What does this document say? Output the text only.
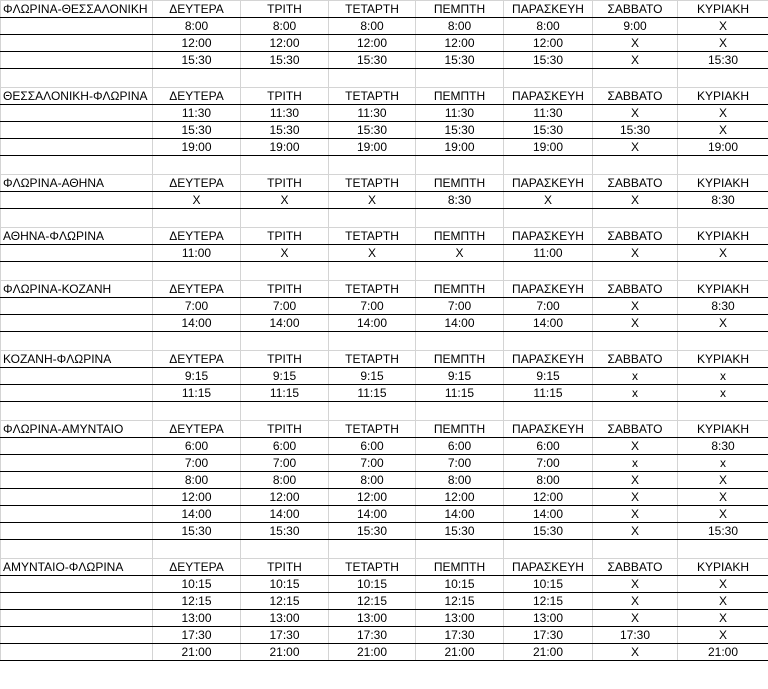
ΦΛΩΡΙΝΑ-ΘΕΣΣΑΛΟΝΙΚΗ	ΔΕΥΤΕΡΑ	ΤΡΙΤΗ	ΤΕΤΑΡΤΗ	ΠΕΜΠΤΗ	ΠΑΡΑΣΚΕΥΗ	ΣΑΒΒΑΤΟ	ΚΥΡΙΑΚΗ
	8:00	8:00	8:00	8:00	8:00	9:00	X
	12:00	12:00	12:00	12:00	12:00	X	X
	15:30	15:30	15:30	15:30	15:30	X	15:30

ΘΕΣΣΑΛΟΝΙΚΗ-ΦΛΩΡΙΝΑ	ΔΕΥΤΕΡΑ	ΤΡΙΤΗ	ΤΕΤΑΡΤΗ	ΠΕΜΠΤΗ	ΠΑΡΑΣΚΕΥΗ	ΣΑΒΒΑΤΟ	ΚΥΡΙΑΚΗ
	11:30	11:30	11:30	11:30	11:30	X	X
	15:30	15:30	15:30	15:30	15:30	15:30	X
	19:00	19:00	19:00	19:00	19:00	X	19:00

ΦΛΩΡΙΝΑ-ΑΘΗΝΑ	ΔΕΥΤΕΡΑ	ΤΡΙΤΗ	ΤΕΤΑΡΤΗ	ΠΕΜΠΤΗ	ΠΑΡΑΣΚΕΥΗ	ΣΑΒΒΑΤΟ	ΚΥΡΙΑΚΗ
	X	X	X	8:30	X	X	8:30

ΑΘΗΝΑ-ΦΛΩΡΙΝΑ	ΔΕΥΤΕΡΑ	ΤΡΙΤΗ	ΤΕΤΑΡΤΗ	ΠΕΜΠΤΗ	ΠΑΡΑΣΚΕΥΗ	ΣΑΒΒΑΤΟ	ΚΥΡΙΑΚΗ
	11:00	X	X	X	11:00	X	X

ΦΛΩΡΙΝΑ-ΚΟΖΑΝΗ	ΔΕΥΤΕΡΑ	ΤΡΙΤΗ	ΤΕΤΑΡΤΗ	ΠΕΜΠΤΗ	ΠΑΡΑΣΚΕΥΗ	ΣΑΒΒΑΤΟ	ΚΥΡΙΑΚΗ
	7:00	7:00	7:00	7:00	7:00	X	8:30
	14:00	14:00	14:00	14:00	14:00	X	X

ΚΟΖΑΝΗ-ΦΛΩΡΙΝΑ	ΔΕΥΤΕΡΑ	ΤΡΙΤΗ	ΤΕΤΑΡΤΗ	ΠΕΜΠΤΗ	ΠΑΡΑΣΚΕΥΗ	ΣΑΒΒΑΤΟ	ΚΥΡΙΑΚΗ
	9:15	9:15	9:15	9:15	9:15	x	x
	11:15	11:15	11:15	11:15	11:15	x	x

ΦΛΩΡΙΝΑ-ΑΜΥΝΤΑΙΟ	ΔΕΥΤΕΡΑ	ΤΡΙΤΗ	ΤΕΤΑΡΤΗ	ΠΕΜΠΤΗ	ΠΑΡΑΣΚΕΥΗ	ΣΑΒΒΑΤΟ	ΚΥΡΙΑΚΗ
	6:00	6:00	6:00	6:00	6:00	X	8:30
	7:00	7:00	7:00	7:00	7:00	x	x
	8:00	8:00	8:00	8:00	8:00	X	X
	12:00	12:00	12:00	12:00	12:00	X	X
	14:00	14:00	14:00	14:00	14:00	X	X
	15:30	15:30	15:30	15:30	15:30	X	15:30

ΑΜΥΝΤΑΙΟ-ΦΛΩΡΙΝΑ	ΔΕΥΤΕΡΑ	ΤΡΙΤΗ	ΤΕΤΑΡΤΗ	ΠΕΜΠΤΗ	ΠΑΡΑΣΚΕΥΗ	ΣΑΒΒΑΤΟ	ΚΥΡΙΑΚΗ
	10:15	10:15	10:15	10:15	10:15	X	X
	12:15	12:15	12:15	12:15	12:15	X	X
	13:00	13:00	13:00	13:00	13:00	X	X
	17:30	17:30	17:30	17:30	17:30	17:30	X
	21:00	21:00	21:00	21:00	21:00	X	21:00
